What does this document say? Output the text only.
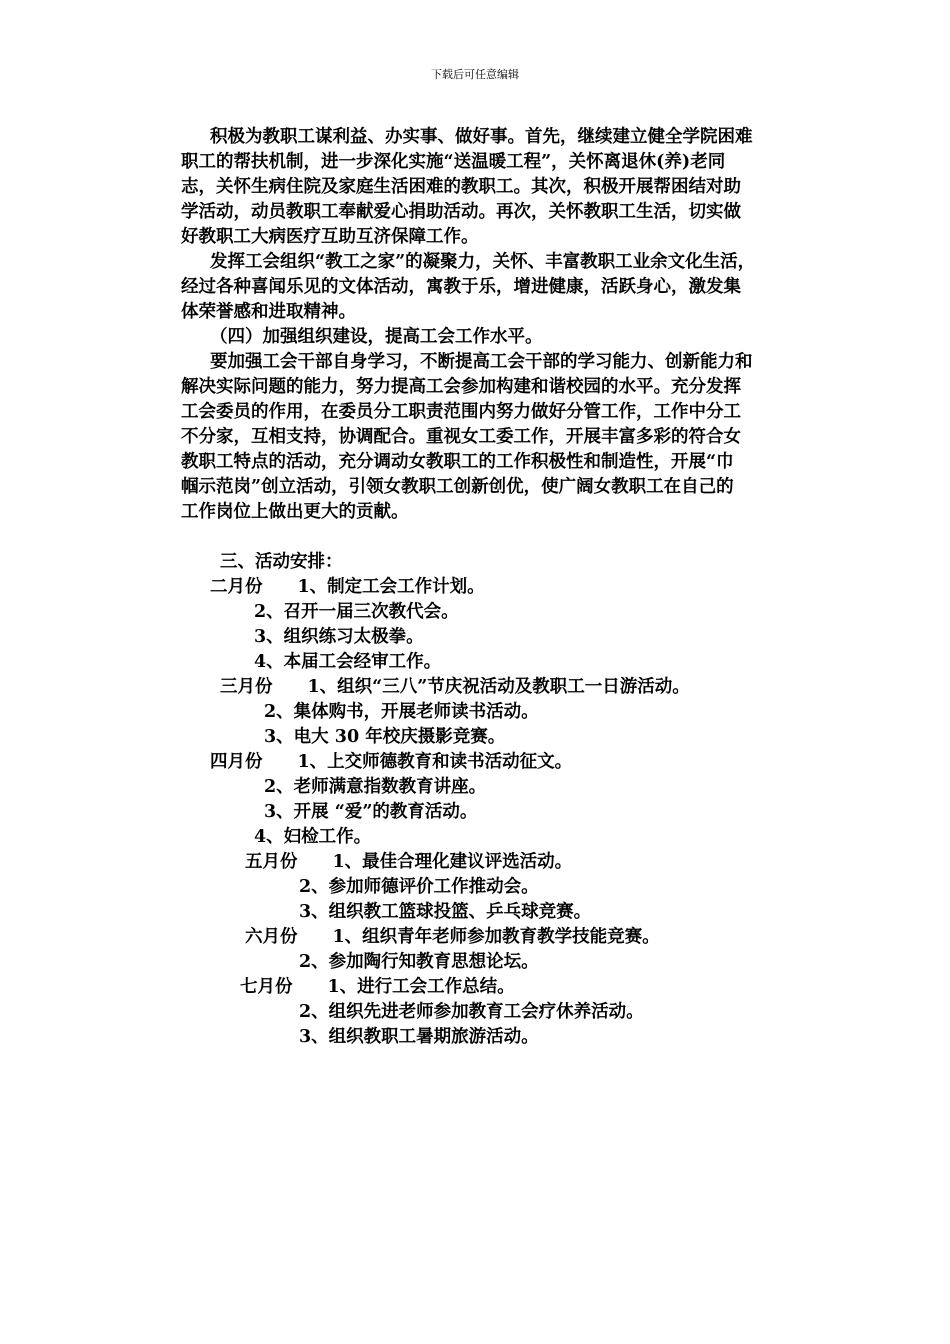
下载后可任意编辑
积极为教职工谋利益、办实事、做好事。首先，继续建立健全学院困难
职工的帮扶机制，进一步深化实施“送温暖工程”，关怀离退休(养)老同
志，关怀生病住院及家庭生活困难的教职工。其次，积极开展帮困结对助
学活动，动员教职工奉献爱心捐助活动。再次，关怀教职工生活，切实做
好教职工大病医疗互助互济保障工作。
发挥工会组织“教工之家”的凝聚力，关怀、丰富教职工业余文化生活，
经过各种喜闻乐见的文体活动，寓教于乐，增进健康，活跃身心，激发集
体荣誉感和进取精神。
（四）加强组织建设，提高工会工作水平。
要加强工会干部自身学习，不断提高工会干部的学习能力、创新能力和
解决实际问题的能力，努力提高工会参加构建和谐校园的水平。充分发挥
工会委员的作用，在委员分工职责范围内努力做好分管工作，工作中分工
不分家，互相支持，协调配合。重视女工委工作，开展丰富多彩的符合女
教职工特点的活动，充分调动女教职工的工作积极性和制造性，开展“巾
帼示范岗”创立活动，引领女教职工创新创优，使广阔女教职工在自己的
工作岗位上做出更大的贡献。
三、活动安排：
二月份　　1、制定工会工作计划。
2、召开一届三次教代会。
3、组织练习太极拳。
4、本届工会经审工作。
三月份　　1、组织“三八”节庆祝活动及教职工一日游活动。
2、集体购书，开展老师读书活动。
3、电大 30 年校庆摄影竞赛。
四月份　　1、上交师德教育和读书活动征文。
2、老师满意指数教育讲座。
3、开展 “爱”的教育活动。
4、妇检工作。
五月份　　1、最佳合理化建议评选活动。
2、参加师德评价工作推动会。
3、组织教工篮球投篮、乒乓球竞赛。
六月份　　1、组织青年老师参加教育教学技能竞赛。
2、参加陶行知教育思想论坛。
七月份　　1、进行工会工作总结。
2、组织先进老师参加教育工会疗休养活动。
3、组织教职工暑期旅游活动。
